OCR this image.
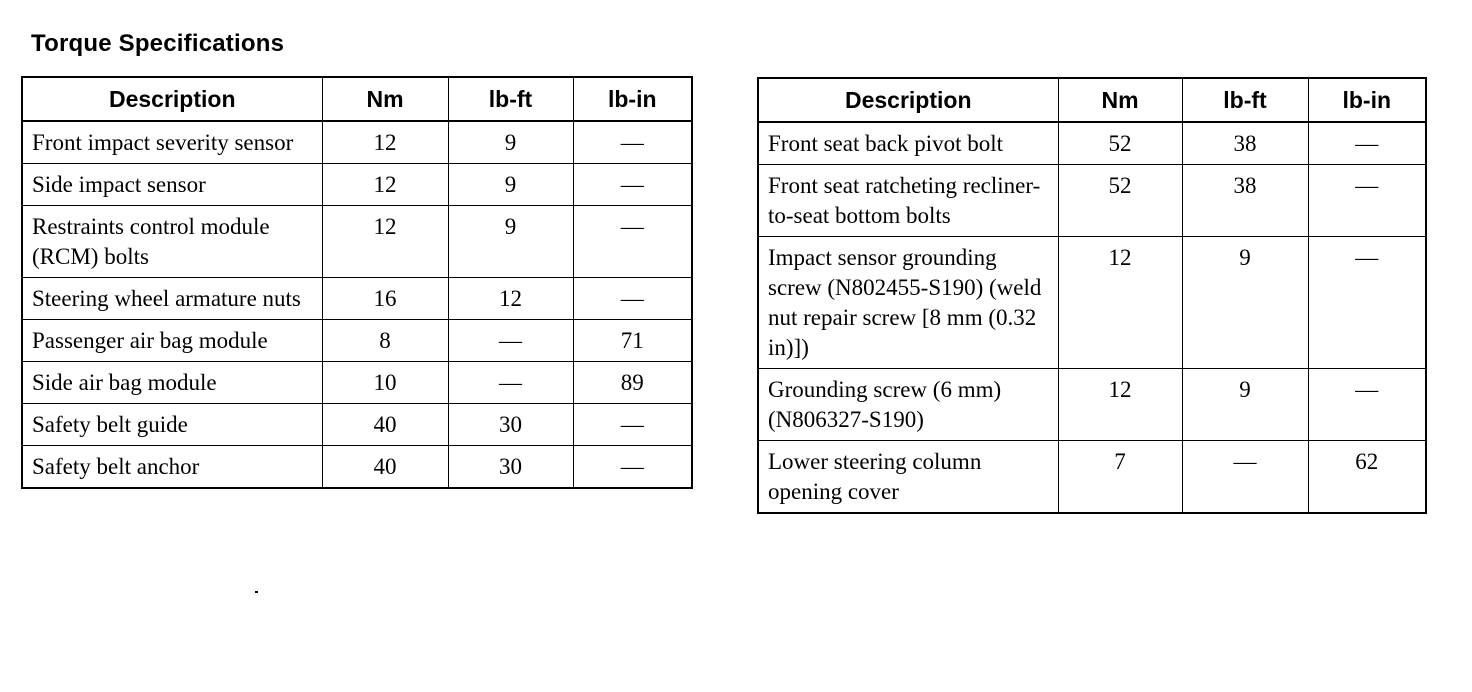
Torque Specifications
Description	Nm	lb-ft	lb-in
Front impact severity sensor	12	9	—
Side impact sensor	12	9	—
Restraints control module (RCM) bolts	12	9	—
Steering wheel armature nuts	16	12	—
Passenger air bag module	8	—	71
Side air bag module	10	—	89
Safety belt guide	40	30	—
Safety belt anchor	40	30	—
Description	Nm	lb-ft	lb-in
Front seat back pivot bolt	52	38	—
Front seat ratcheting recliner-to-seat bottom bolts	52	38	—
Impact sensor grounding screw (N802455-S190) (weld nut repair screw [8 mm (0.32 in)])	12	9	—
Grounding screw (6 mm) (N806327-S190)	12	9	—
Lower steering column opening cover	7	—	62
